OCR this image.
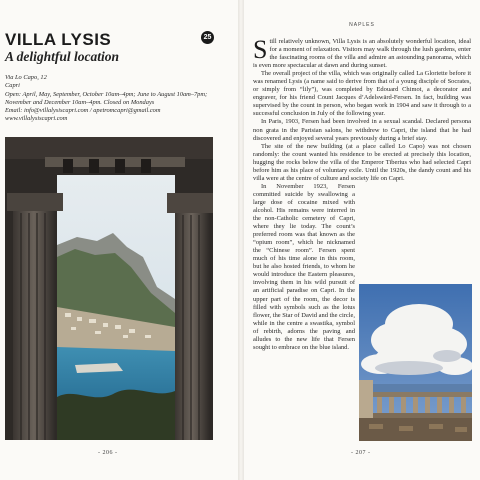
VILLA LYSIS	25
A delightful location
Via Lo Capo, 12
Capri
Open: April, May, September, October 10am–4pm; June to August 10am–7pm;
November and December 10am–4pm. Closed on Mondays
Email: info@villalysiscapri.com / apetromcapri@gmail.com
www.villalysiscapri.com
- 206 -
NAPLES

Still relatively unknown, Villa Lysis is an absolutely wonderful location, ideal for a moment of relaxation. Visitors may walk through the lush gardens, enter the fascinating rooms of the villa and admire an astounding panorama, which is even more spectacular at dawn and during sunset.

The overall project of the villa, which was originally called La Gloriette before it was renamed Lysis (a name said to derive from that of a young disciple of Socrates, or simply from “lily”), was completed by Edouard Chimot, a decorator and engraver, for his friend Count Jacques d’Adelswärd-Fersen. In fact, building was supervised by the count in person, who began work in 1904 and saw it through to a successful conclusion in July of the following year.

In Paris, 1903, Fersen had been involved in a sexual scandal. Declared persona non grata in the Parisian salons, he withdrew to Capri, the island that he had discovered and enjoyed several years previously during a brief stay.

The site of the new building (at a place called Lo Capo) was not chosen randomly: the count wanted his residence to be erected at precisely this location, hugging the rocks below the villa of the Emperor Tiberius who had selected Capri before him as his place of voluntary exile. Until the 1920s, the dandy count and his villa were at the centre of culture and society life on Capri.

In November 1923, Fersen committed suicide by swallowing a large dose of cocaine mixed with alcohol. His remains were interred in the non-Catholic cemetery of Capri, where they lie today. The count’s preferred room was that known as the “opium room”, which he nicknamed the “Chinese room”. Fersen spent much of his time alone in this room, but he also hosted friends, to whom he would introduce the Eastern pleasures, involving them in his wild pursuit of an artificial paradise on Capri. In the upper part of the room, the decor is filled with symbols such as the lotus flower, the Star of David and the circle, while in the centre a swastika, symbol of rebirth, adorns the paving and alludes to the new life that Fersen sought to embrace on the blue island.

- 207 -
